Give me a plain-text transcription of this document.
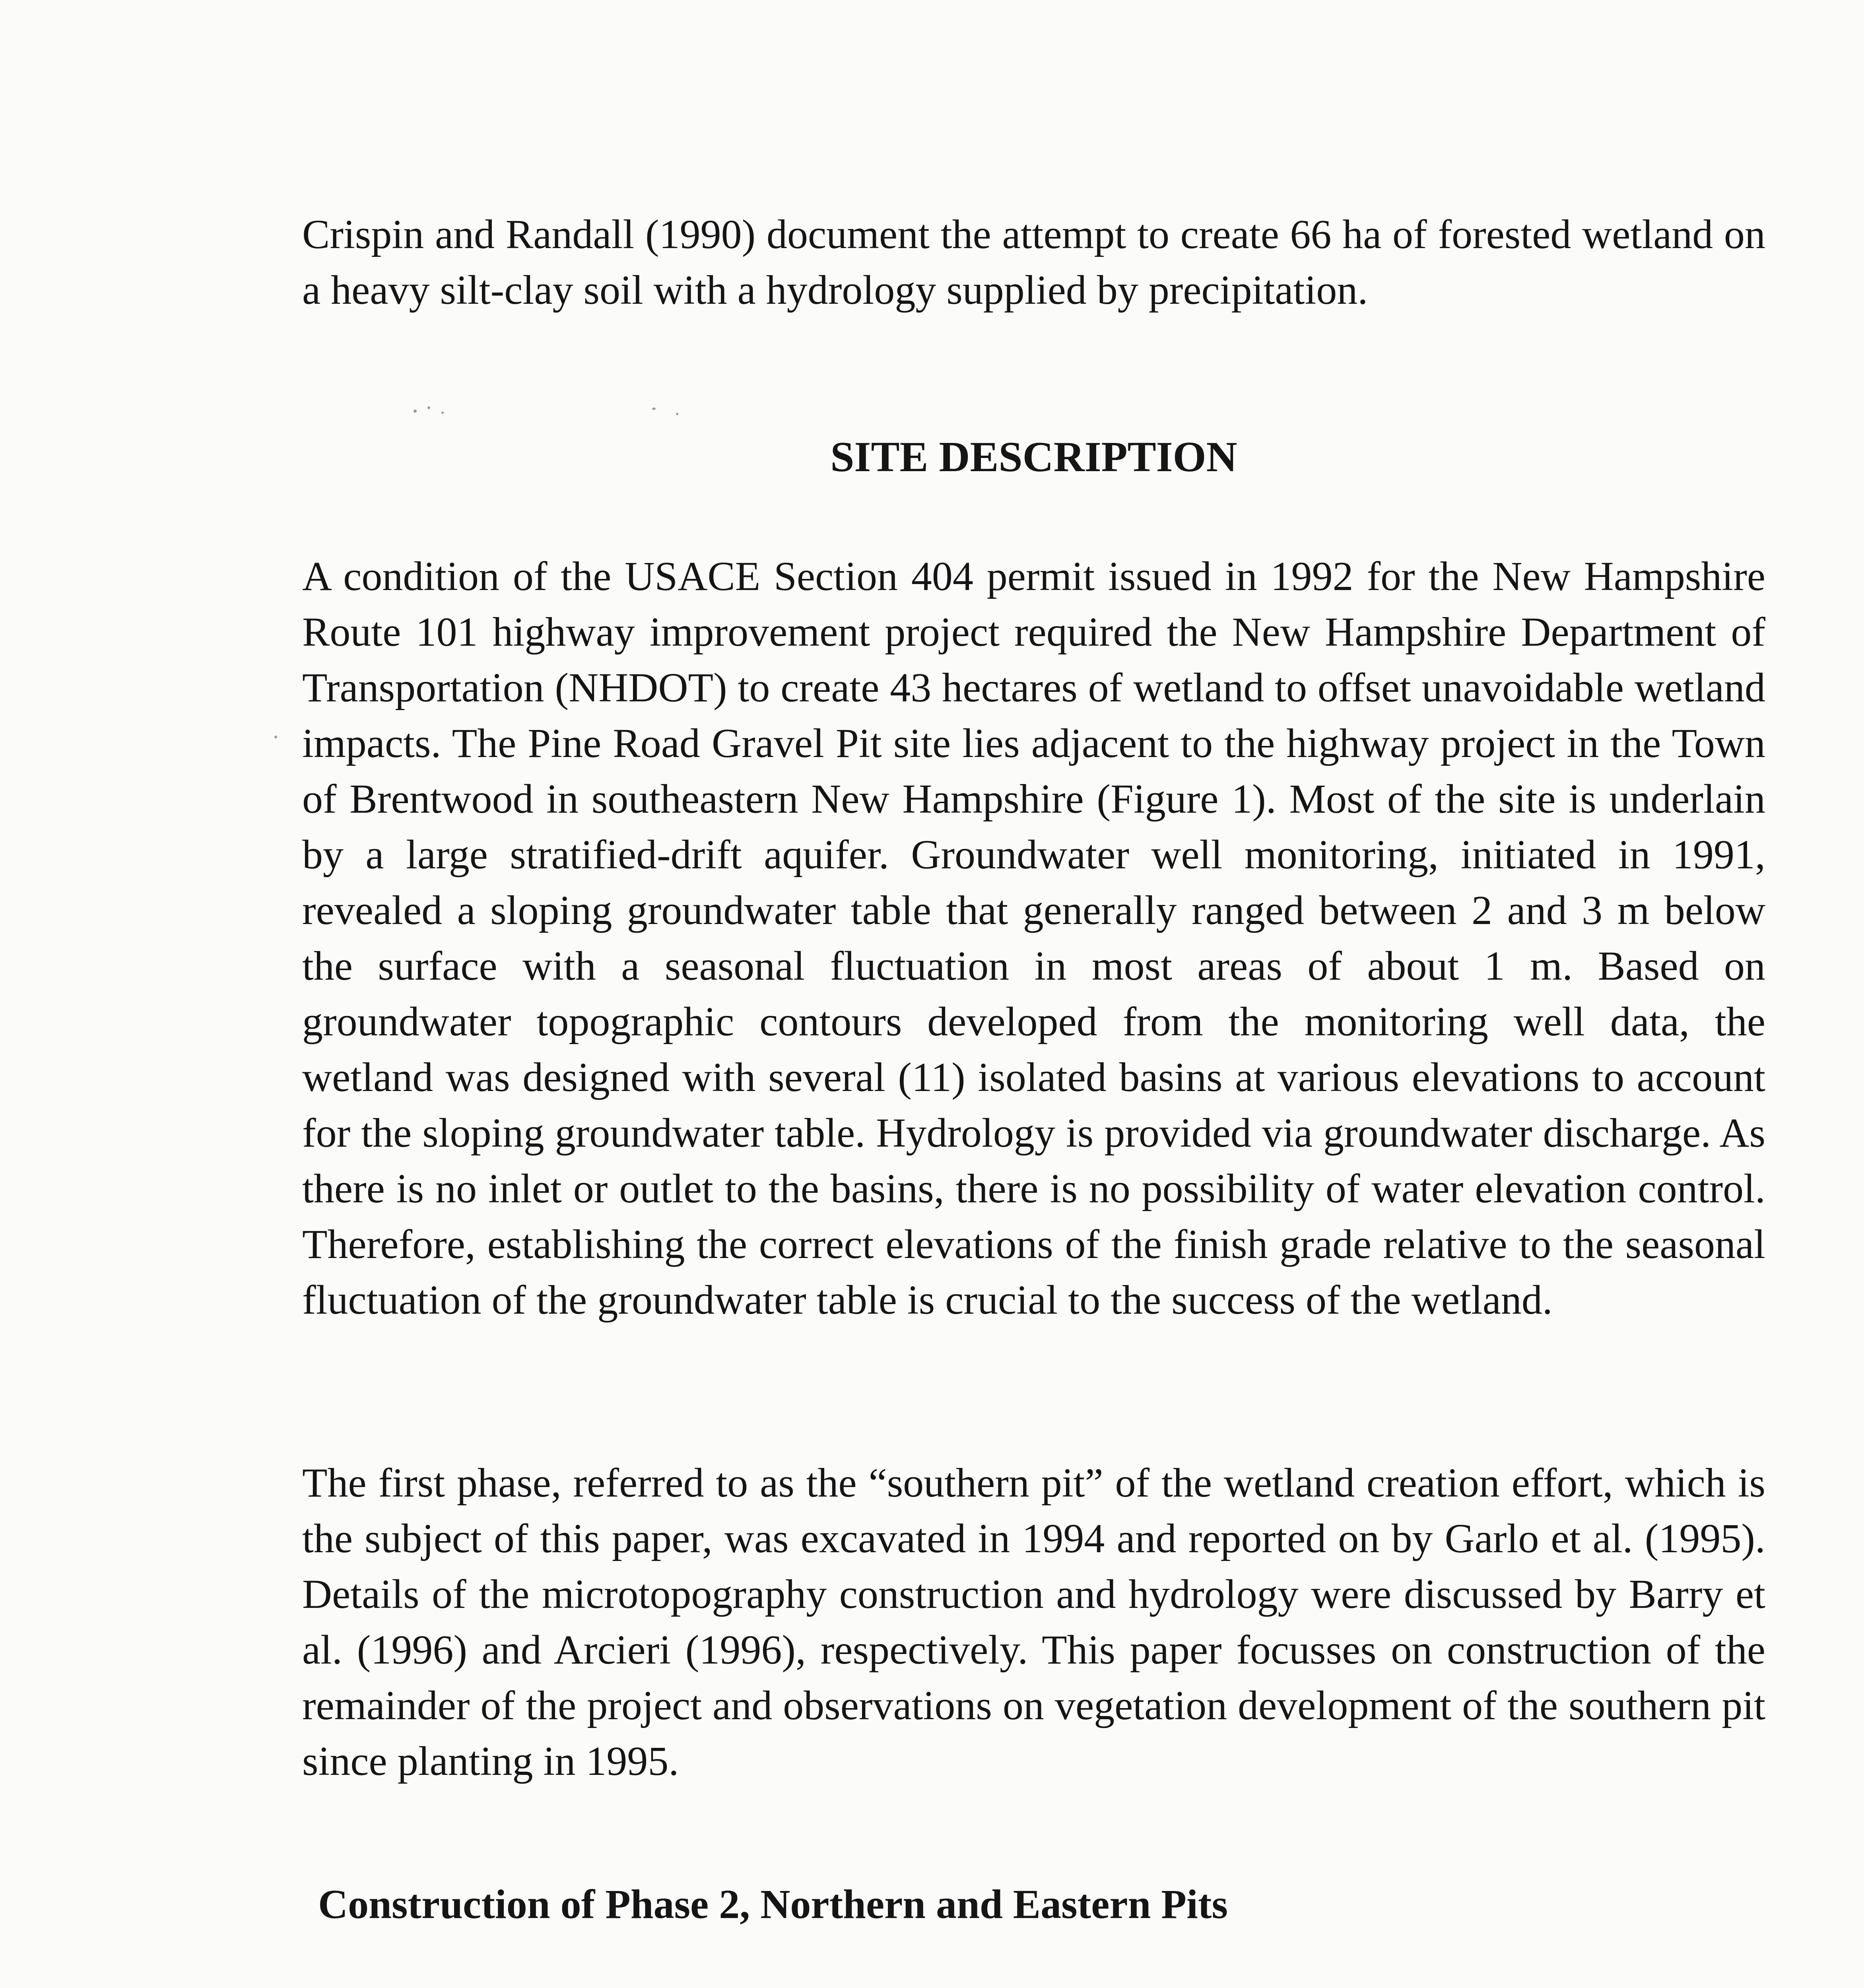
Crispin and Randall (1990) document the attempt to create 66 ha of forested wetland on a heavy silt-clay soil with a hydrology supplied by precipitation.

SITE DESCRIPTION

A condition of the USACE Section 404 permit issued in 1992 for the New Hampshire Route 101 highway improvement project required the New Hampshire Department of Transportation (NHDOT) to create 43 hectares of wetland to offset unavoidable wetland impacts. The Pine Road Gravel Pit site lies adjacent to the highway project in the Town of Brentwood in southeastern New Hampshire (Figure 1). Most of the site is underlain by a large stratified-drift aquifer. Groundwater well monitoring, initiated in 1991, revealed a sloping groundwater table that generally ranged between 2 and 3 m below the surface with a seasonal fluctuation in most areas of about 1 m. Based on groundwater topographic contours developed from the monitoring well data, the wetland was designed with several (11) isolated basins at various elevations to account for the sloping groundwater table. Hydrology is provided via groundwater discharge. As there is no inlet or outlet to the basins, there is no possibility of water elevation control. Therefore, establishing the correct elevations of the finish grade relative to the seasonal fluctuation of the groundwater table is crucial to the success of the wetland.

The first phase, referred to as the “southern pit” of the wetland creation effort, which is the subject of this paper, was excavated in 1994 and reported on by Garlo et al. (1995). Details of the microtopography construction and hydrology were discussed by Barry et al. (1996) and Arcieri (1996), respectively. This paper focusses on construction of the remainder of the project and observations on vegetation development of the southern pit since planting in 1995.

Construction of Phase 2, Northern and Eastern Pits
